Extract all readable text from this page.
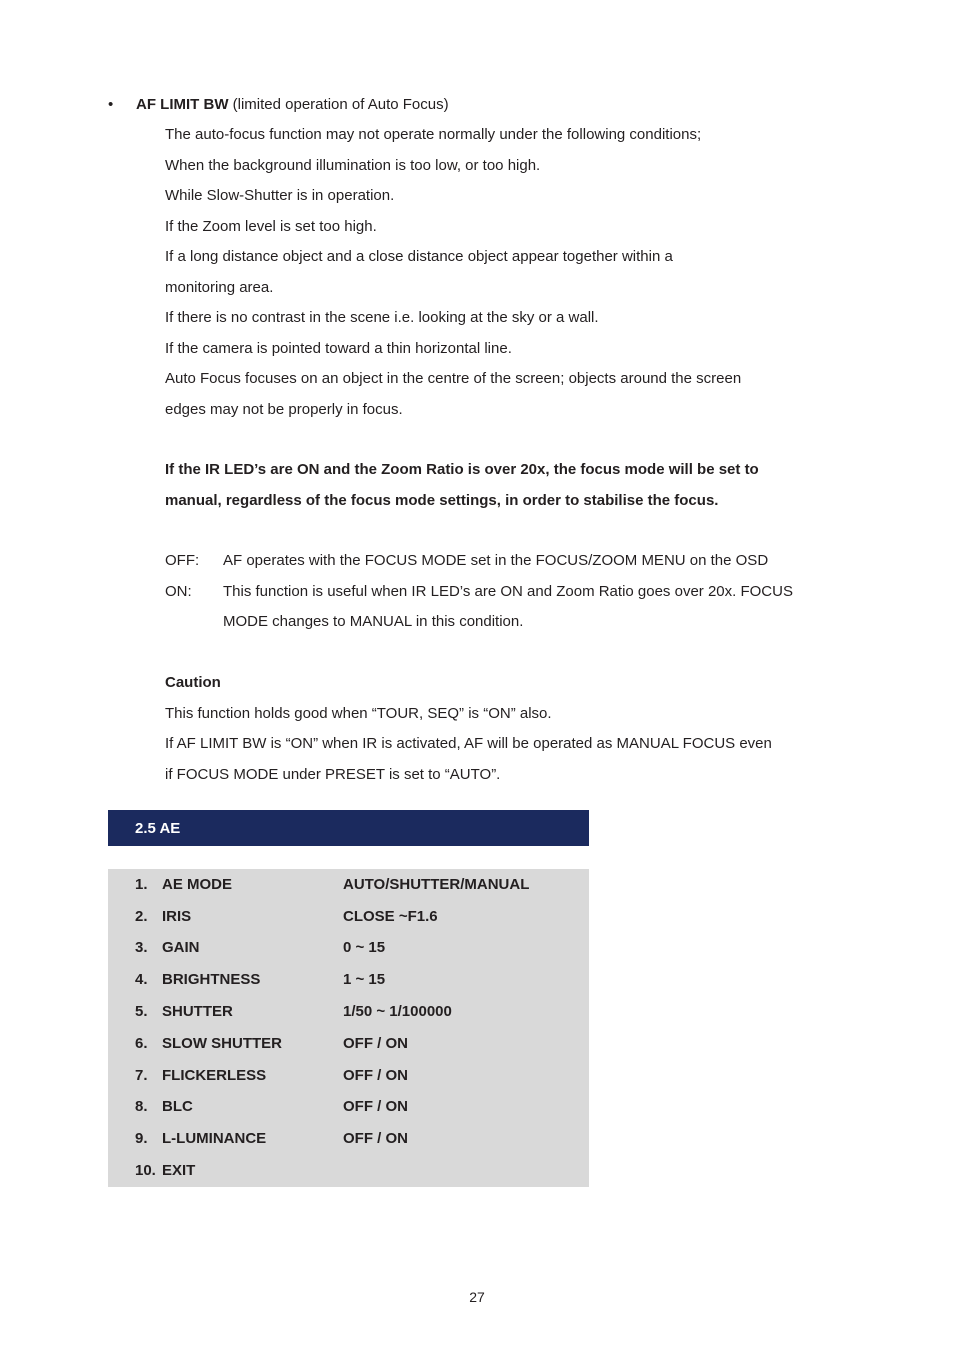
•	AF LIMIT BW (limited operation of Auto Focus)
The auto-focus function may not operate normally under the following conditions;
When the background illumination is too low, or too high.
While Slow-Shutter is in operation.
If the Zoom level is set too high.
If a long distance object and a close distance object appear together within a
monitoring area.
If there is no contrast in the scene i.e. looking at the sky or a wall.
If the camera is pointed toward a thin horizontal line.
Auto Focus focuses on an object in the centre of the screen; objects around the screen
edges may not be properly in focus.
If the IR LED’s are ON and the Zoom Ratio is over 20x, the focus mode will be set to
manual, regardless of the focus mode settings, in order to stabilise the focus.
OFF: AF operates with the FOCUS MODE set in the FOCUS/ZOOM MENU on the OSD
ON: This function is useful when IR LED’s are ON and Zoom Ratio goes over 20x. FOCUS
MODE changes to MANUAL in this condition.
Caution
This function holds good when “TOUR, SEQ” is “ON” also.
If AF LIMIT BW is “ON” when IR is activated, AF will be operated as MANUAL FOCUS even
if FOCUS MODE under PRESET is set to “AUTO”.
2.5 AE
1. AE MODE	AUTO/SHUTTER/MANUAL
2. IRIS	CLOSE ~F1.6
3. GAIN	0 ~ 15
4. BRIGHTNESS	1 ~ 15
5. SHUTTER	1/50 ~ 1/100000
6. SLOW SHUTTER	OFF / ON
7. FLICKERLESS	OFF / ON
8. BLC	OFF / ON
9. L-LUMINANCE	OFF / ON
10. EXIT
27
